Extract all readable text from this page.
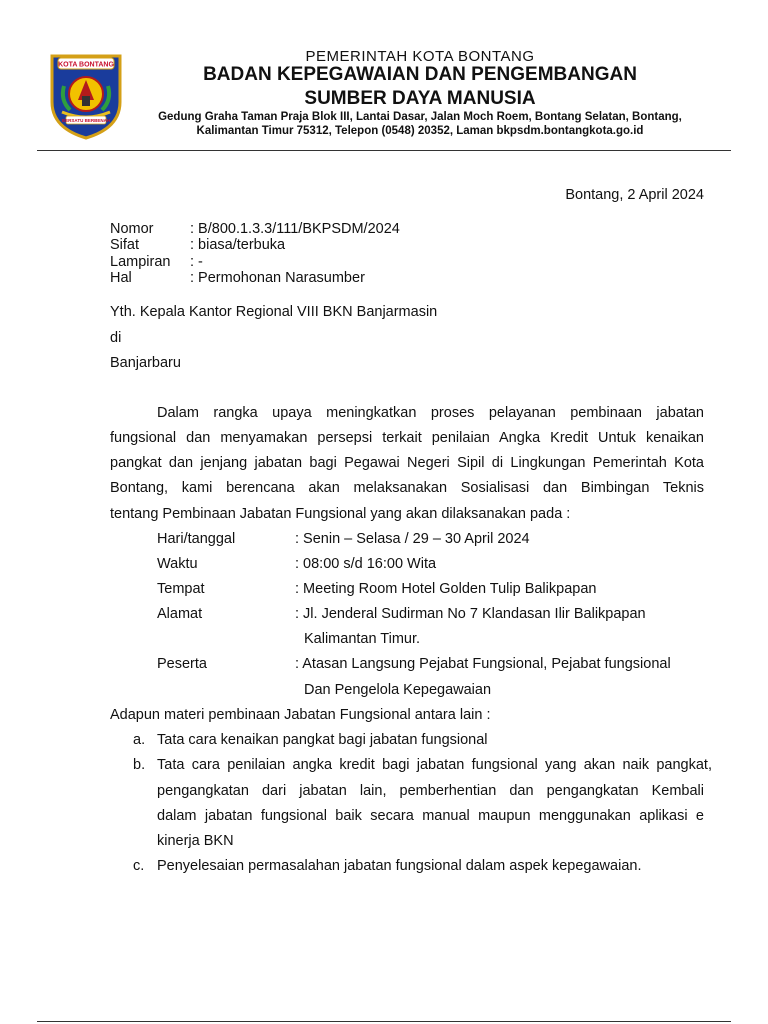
KOTA BONTANG
BERSATU BERBENAH
PEMERINTAH KOTA BONTANG
BADAN KEPEGAWAIAN DAN PENGEMBANGAN
SUMBER DAYA MANUSIA
Gedung Graha Taman Praja Blok III, Lantai Dasar, Jalan Moch Roem, Bontang Selatan, Bontang,
Kalimantan Timur 75312, Telepon (0548) 20352, Laman bkpsdm.bontangkota.go.id
Bontang, 2 April 2024
Nomor	: B/800.1.3.3/111/BKPSDM/2024
Sifat	: biasa/terbuka
Lampiran : -
Hal	: Permohonan Narasumber
Yth. Kepala Kantor Regional VIII BKN Banjarmasin
di
Banjarbaru
Dalam rangka upaya meningkatkan proses pelayanan pembinaan jabatan
fungsional dan menyamakan persepsi terkait penilaian Angka Kredit Untuk kenaikan
pangkat dan jenjang jabatan bagi Pegawai Negeri Sipil di Lingkungan Pemerintah Kota
Bontang, kami berencana akan melaksanakan Sosialisasi dan Bimbingan Teknis
tentang Pembinaan Jabatan Fungsional yang akan dilaksanakan pada :
Hari/tanggal	: Senin – Selasa / 29 – 30 April 2024
Waktu	: 08:00 s/d 16:00 Wita
Tempat	: Meeting Room Hotel Golden Tulip Balikpapan
Alamat	: Jl. Jenderal Sudirman No 7 Klandasan Ilir Balikpapan
Kalimantan Timur.
Peserta	: Atasan Langsung Pejabat Fungsional, Pejabat fungsional
Dan Pengelola Kepegawaian
Adapun materi pembinaan Jabatan Fungsional antara lain :
a. Tata cara kenaikan pangkat bagi jabatan fungsional
b. Tata cara penilaian angka kredit bagi jabatan fungsional yang akan naik pangkat,
pengangkatan dari jabatan lain, pemberhentian dan pengangkatan Kembali
dalam jabatan fungsional baik secara manual maupun menggunakan aplikasi e
kinerja BKN
c. Penyelesaian permasalahan jabatan fungsional dalam aspek kepegawaian.
